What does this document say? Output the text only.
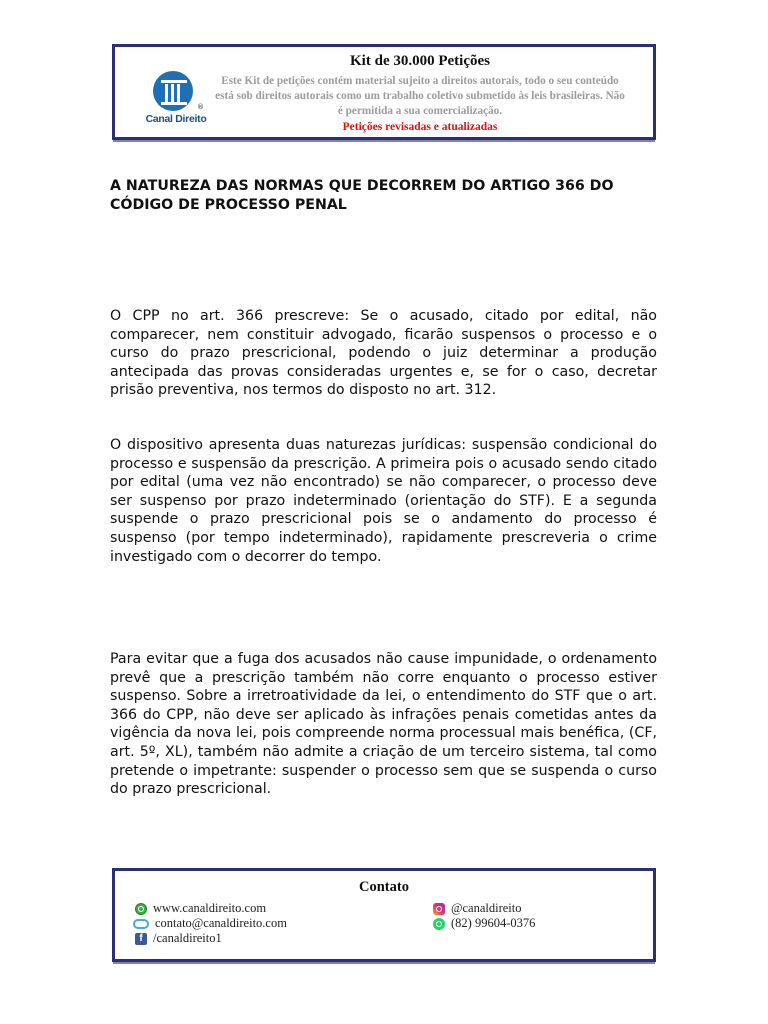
®
Canal Direito
Kit de 30.000 Petições
Este Kit de petições contém material sujeito a direitos autorais, todo o seu conteúdo está sob direitos autorais como um trabalho coletivo submetido às leis brasileiras. Não é permitida a sua comercialização.
Petições revisadas e atualizadas
A NATUREZA DAS NORMAS QUE DECORREM DO ARTIGO 366 DO CÓDIGO DE PROCESSO PENAL
O CPP no art. 366 prescreve: Se o acusado, citado por edital, não comparecer, nem constituir advogado, ficarão suspensos o processo e o curso do prazo prescricional, podendo o juiz determinar a produção antecipada das provas consideradas urgentes e, se for o caso, decretar prisão preventiva, nos termos do disposto no art. 312.
O dispositivo apresenta duas naturezas jurídicas: suspensão condicional do processo e suspensão da prescrição. A primeira pois o acusado sendo citado por edital (uma vez não encontrado) se não comparecer, o processo deve ser suspenso por prazo indeterminado (orientação do STF). E a segunda suspende o prazo prescricional pois se o andamento do processo é suspenso (por tempo indeterminado), rapidamente prescreveria o crime investigado com o decorrer do tempo.
Para evitar que a fuga dos acusados não cause impunidade, o ordenamento prevê que a prescrição também não corre enquanto o processo estiver suspenso. Sobre a irretroatividade da lei, o entendimento do STF que o art. 366 do CPP, não deve ser aplicado às infrações penais cometidas antes da vigência da nova lei, pois compreende norma processual mais benéfica, (CF, art. 5º, XL), também não admite a criação de um terceiro sistema, tal como pretende o impetrante: suspender o processo sem que se suspenda o curso do prazo prescricional.
Contato
www.canaldireito.com
contato@canaldireito.com
f /canaldireito1
@canaldireito
(82) 99604-0376
